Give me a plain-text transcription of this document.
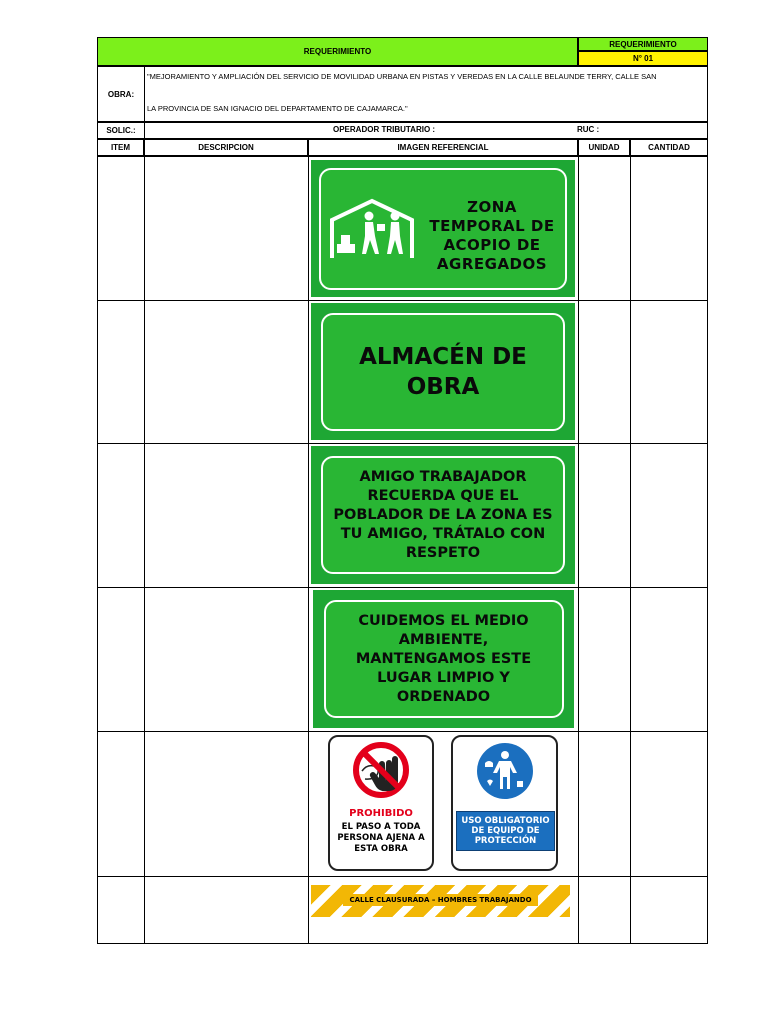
REQUERIMIENTO
REQUERIMIENTO
N° 01
OBRA:
"MEJORAMIENTO Y AMPLIACIÓN DEL SERVICIO DE MOVILIDAD URBANA EN PISTAS Y VEREDAS EN LA CALLE BELAUNDE TERRY, CALLE SAN
LA PROVINCIA DE SAN IGNACIO DEL DEPARTAMENTO DE CAJAMARCA."
SOLIC.:	OPERADOR TRIBUTARIO :	RUC :
ITEM	DESCRIPCION	IMAGEN REFERENCIAL	UNIDAD	CANTIDAD
ZONA TEMPORAL DE ACOPIO DE AGREGADOS
ALMACÉN DE OBRA
AMIGO TRABAJADOR RECUERDA QUE EL POBLADOR DE LA ZONA ES TU AMIGO, TRÁTALO CON RESPETO
CUIDEMOS EL MEDIO AMBIENTE, MANTENGAMOS ESTE LUGAR LIMPIO Y ORDENADO
PROHIBIDO
EL PASO A TODA PERSONA AJENA A ESTA OBRA
USO OBLIGATORIO DE EQUIPO DE PROTECCIÓN
CALLE CLAUSURADA – HOMBRES TRABAJANDO
